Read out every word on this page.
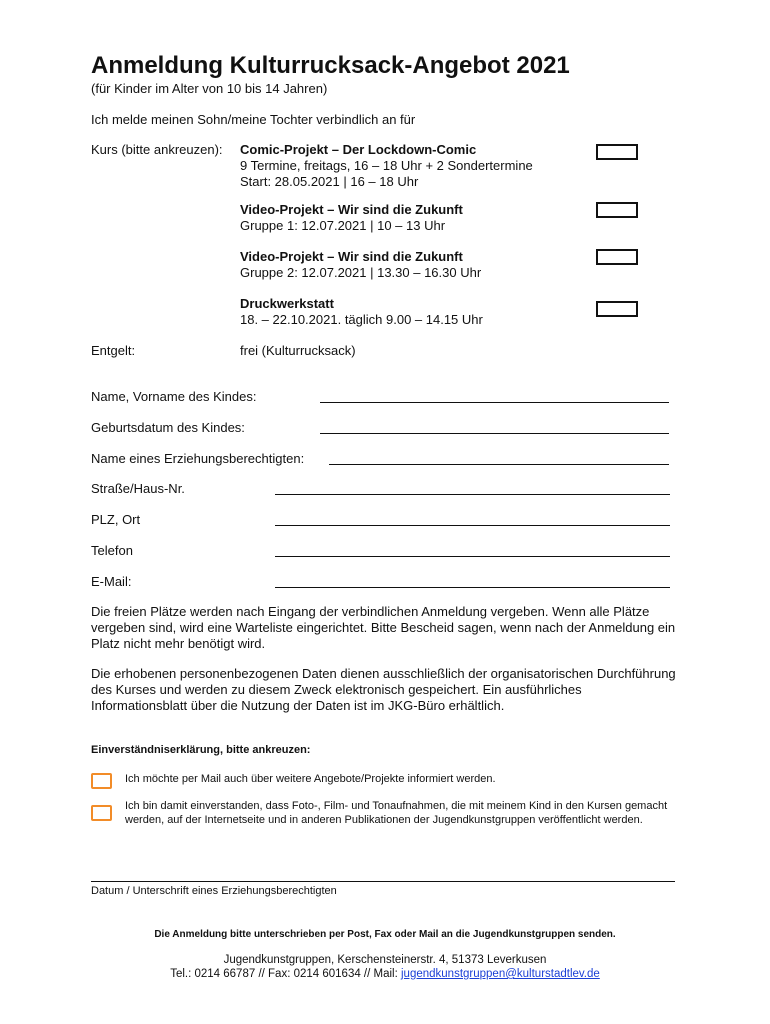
Anmeldung Kulturrucksack-Angebot 2021
(für Kinder im Alter von 10 bis 14 Jahren)
Ich melde meinen Sohn/meine Tochter verbindlich an für
Kurs (bitte ankreuzen): Comic-Projekt – Der Lockdown-Comic
9 Termine, freitags, 16 – 18 Uhr + 2 Sondertermine
Start: 28.05.2021 | 16 – 18 Uhr
Video-Projekt – Wir sind die Zukunft
Gruppe 1: 12.07.2021 | 10 – 13 Uhr
Video-Projekt – Wir sind die Zukunft
Gruppe 2: 12.07.2021 | 13.30 – 16.30 Uhr
Druckwerkstatt
18. – 22.10.2021. täglich 9.00 – 14.15 Uhr
Entgelt:	frei (Kulturrucksack)
Name, Vorname des Kindes:
Geburtsdatum des Kindes:
Name eines Erziehungsberechtigten:
Straße/Haus-Nr.
PLZ, Ort
Telefon
E-Mail:
Die freien Plätze werden nach Eingang der verbindlichen Anmeldung vergeben. Wenn alle Plätze vergeben sind, wird eine Warteliste eingerichtet. Bitte Bescheid sagen, wenn nach der Anmeldung ein Platz nicht mehr benötigt wird.
Die erhobenen personenbezogenen Daten dienen ausschließlich der organisatorischen Durchführung des Kurses und werden zu diesem Zweck elektronisch gespeichert. Ein ausführliches Informationsblatt über die Nutzung der Daten ist im JKG-Büro erhältlich.
Einverständniserklärung, bitte ankreuzen:
Ich möchte per Mail auch über weitere Angebote/Projekte informiert werden.
Ich bin damit einverstanden, dass Foto-, Film- und Tonaufnahmen, die mit meinem Kind in den Kursen gemacht werden, auf der Internetseite und in anderen Publikationen der Jugendkunstgruppen veröffentlicht werden.
Datum / Unterschrift eines Erziehungsberechtigten
Die Anmeldung bitte unterschrieben per Post, Fax oder Mail an die Jugendkunstgruppen senden.
Jugendkunstgruppen, Kerschensteinerstr. 4, 51373 Leverkusen
Tel.: 0214 66787 // Fax: 0214 601634 // Mail: jugendkunstgruppen@kulturstadtlev.de
